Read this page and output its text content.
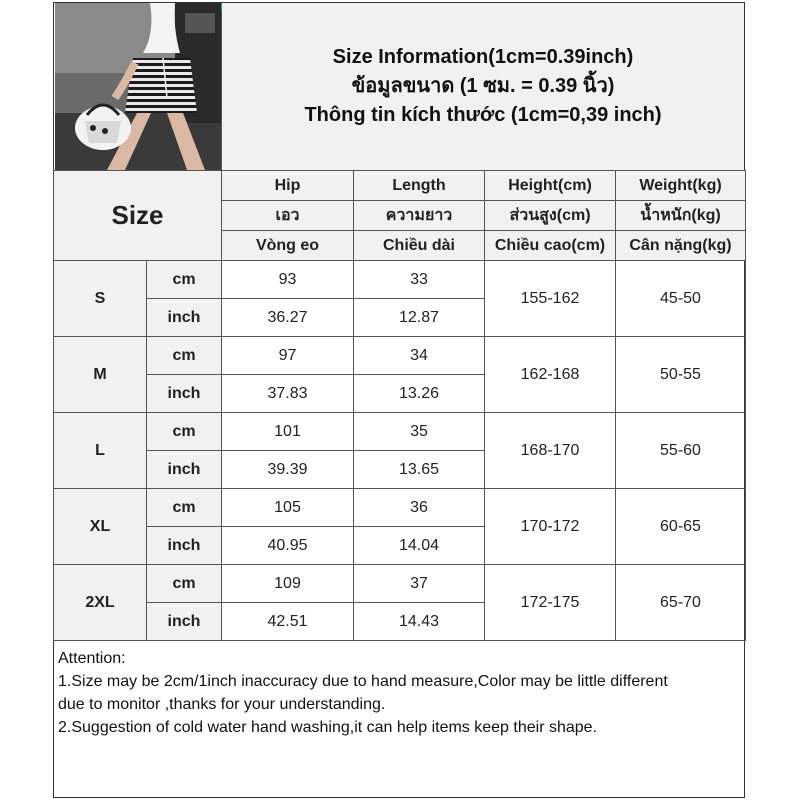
Size Information(1cm=0.39inch)
ข้อมูลขนาด (1 ซม. = 0.39 นิ้ว)
Thông tin kích thước (1cm=0,39 inch)
Size		Hip	Length	Height(cm)	Weight(kg)
		เอว	ความยาว	ส่วนสูง(cm)	น้ำหนัก(kg)
		Vòng eo	Chiều dài	Chiều cao(cm)	Cân nặng(kg)
S	cm	93	33	155-162	45-50
	inch	36.27	12.87		
M	cm	97	34	162-168	50-55
	inch	37.83	13.26		
L	cm	101	35	168-170	55-60
	inch	39.39	13.65		
XL	cm	105	36	170-172	60-65
	inch	40.95	14.04		
2XL	cm	109	37	172-175	65-70
	inch	42.51	14.43		

Attention:

1.Size may be 2cm/1inch inaccuracy due to hand measure,Color may be little different

due to monitor ,thanks for your understanding.

2.Suggestion of cold water hand washing,it can help items keep their shape.
